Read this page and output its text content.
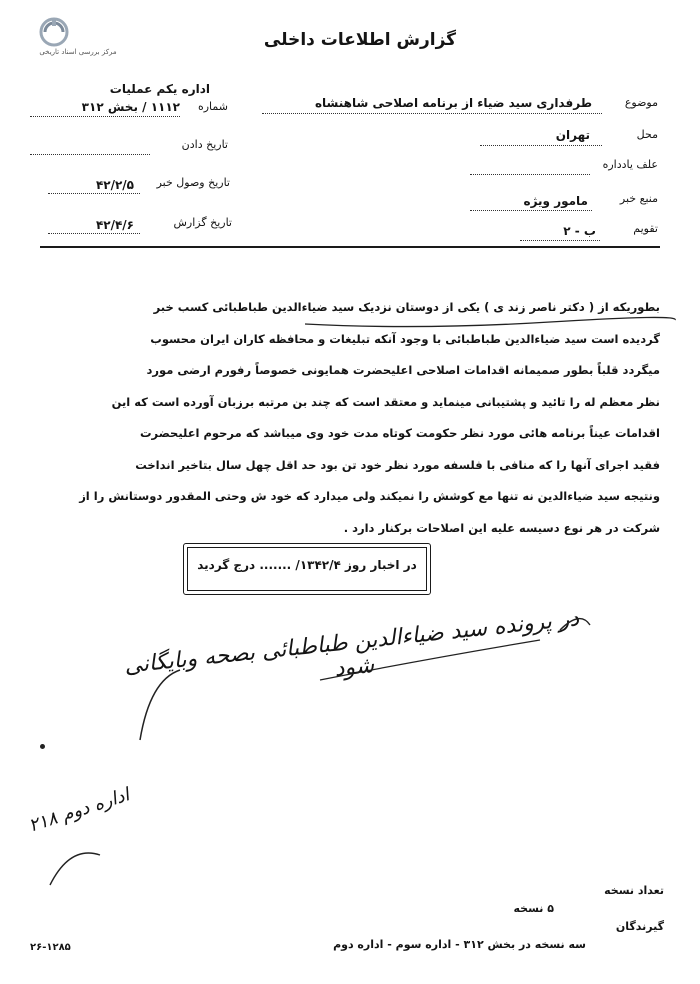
مرکز بررسی اسناد تاریخی
گزارش اطلاعات داخلی
اداره یکم عملیات
شماره
۱۱۱۲ / بخش ۳۱۲
تاریخ دادن
تاریخ وصول خبر
۴۲/۲/۵
تاریخ گزارش
۴۲/۴/۶
موضوع
طرفداری سید ضیاء از برنامه اصلاحی شاهنشاه
محل
تهران
علف یادداره
منبع خبر
مامور ویژه
تقویم
ب - ۲
بطوریکه از ( دکتر ناصر زند ی ) یکی از دوستان نزدیک سید ضیاءالدین طباطبائی کسب خبر
گردیده است سید ضیاءالدین طباطبائی با وجود آنکه تبلیغات و محافظه کاران ایران محسوب
میگردد قلباً بطور صمیمانه اقدامات اصلاحی اعلیحضرت همایونی خصوصاً رفورم ارضی مورد
نظر معظم له را تائید و پشتیبانی مینماید و معتقد است که چند بن مرتبه برزبان آورده است که این
اقدامات عیناً برنامه هائی مورد نظر حکومت کوتاه مدت خود وی میباشد که مرحوم اعلیحضرت
فقید اجرای آنها را که منافی با فلسفه مورد نظر خود تن بود حد اقل چهل سال بتاخیر انداخت
ونتیجه سید ضیاءالدین نه تنها مع کوشش را نمیکند ولی میدارد که خود ش وحتی المقدور دوستانش را از
شرکت در هر نوع دسیسه علیه این اصلاحات برکنار دارد .
در اخبار روز ۱۳۴۲/۴/ ....... درج گردید
در پرونده سید ضیاءالدین طباطبائی بصحه وبایگانی شود
اداره دوم ۲۱۸
تعداد نسخه
۵ نسخه
گیرندگان
سه نسخه در بخش ۳۱۲ - اداره سوم - اداره دوم
۲۶-۱۲۸۵
